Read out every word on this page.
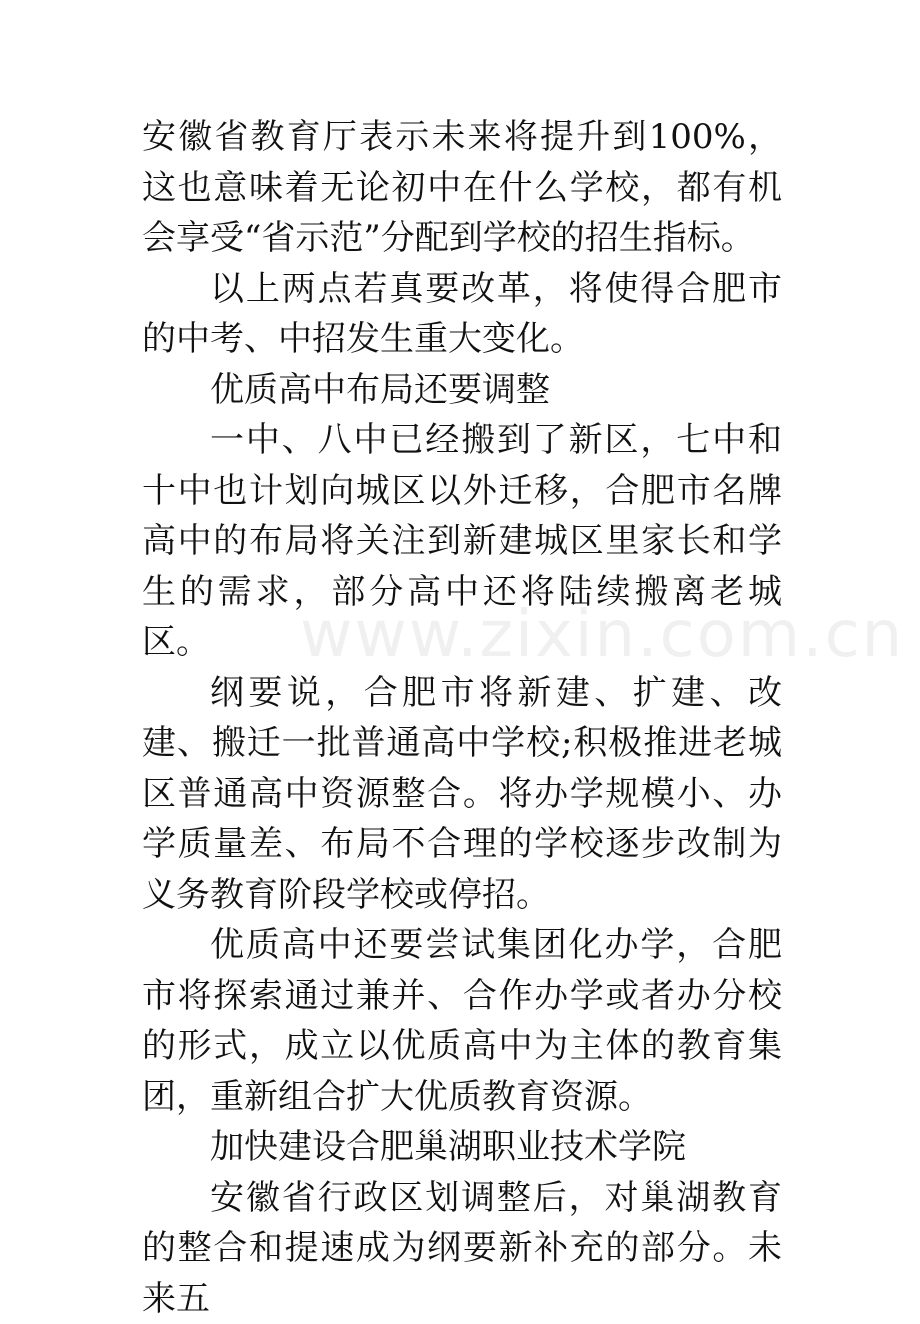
安徽省教育厅表示未来将提升到100%，这也意味着无论初中在什么学校，都有机会享受“省示范”分配到学校的招生指标。

以上两点若真要改革，将使得合肥市的中考、中招发生重大变化。

优质高中布局还要调整

一中、八中已经搬到了新区，七中和十中也计划向城区以外迁移，合肥市名牌高中的布局将关注到新建城区里家长和学生的需求，部分高中还将陆续搬离老城区。

纲要说，合肥市将新建、扩建、改建、搬迁一批普通高中学校;积极推进老城区普通高中资源整合。将办学规模小、办学质量差、布局不合理的学校逐步改制为义务教育阶段学校或停招。

优质高中还要尝试集团化办学，合肥市将探索通过兼并、合作办学或者办分校的形式，成立以优质高中为主体的教育集团，重新组合扩大优质教育资源。

加快建设合肥巢湖职业技术学院

安徽省行政区划调整后，对巢湖教育的整合和提速成为纲要新补充的部分。未来五

www.zixin.com.cn
